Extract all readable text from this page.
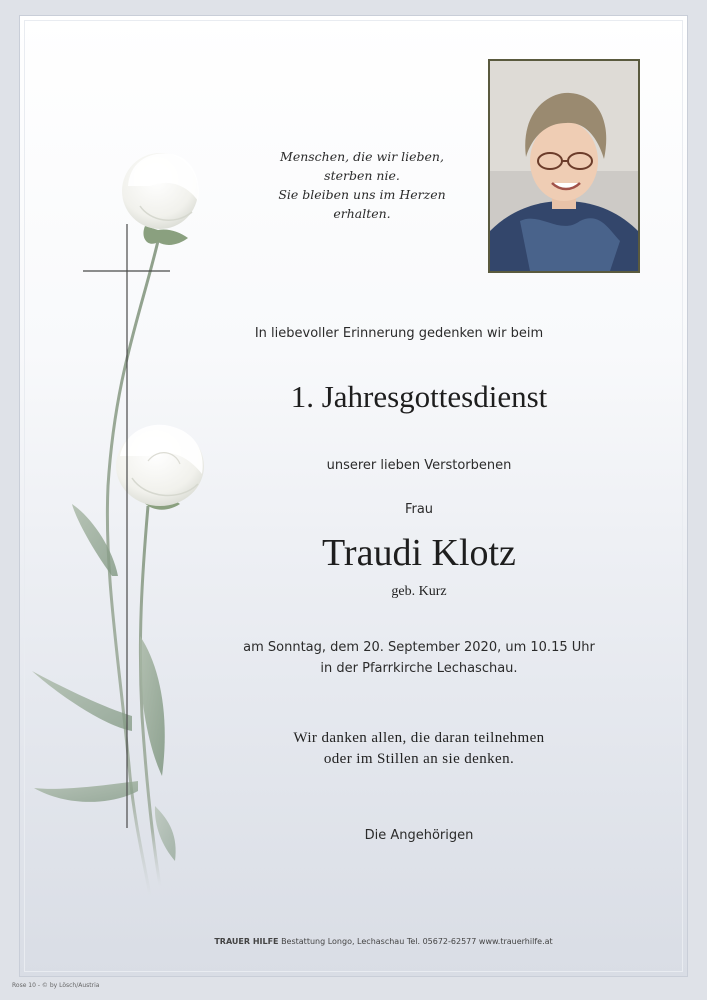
Menschen, die wir lieben,
sterben nie.
Sie bleiben uns im Herzen erhalten.
In liebevoller Erinnerung gedenken wir beim
1. Jahresgottesdienst
unserer lieben Verstorbenen
Frau
Traudi Klotz
geb. Kurz
am Sonntag, dem 20. September 2020, um 10.15 Uhr
in der Pfarrkirche Lechaschau.
Wir danken allen, die daran teilnehmen
oder im Stillen an sie denken.
Die Angehörigen
TRAUER HILFE Bestattung Longo, Lechaschau Tel. 05672-62577 www.trauerhilfe.at
Rose 10 - © by Lösch/Austria
